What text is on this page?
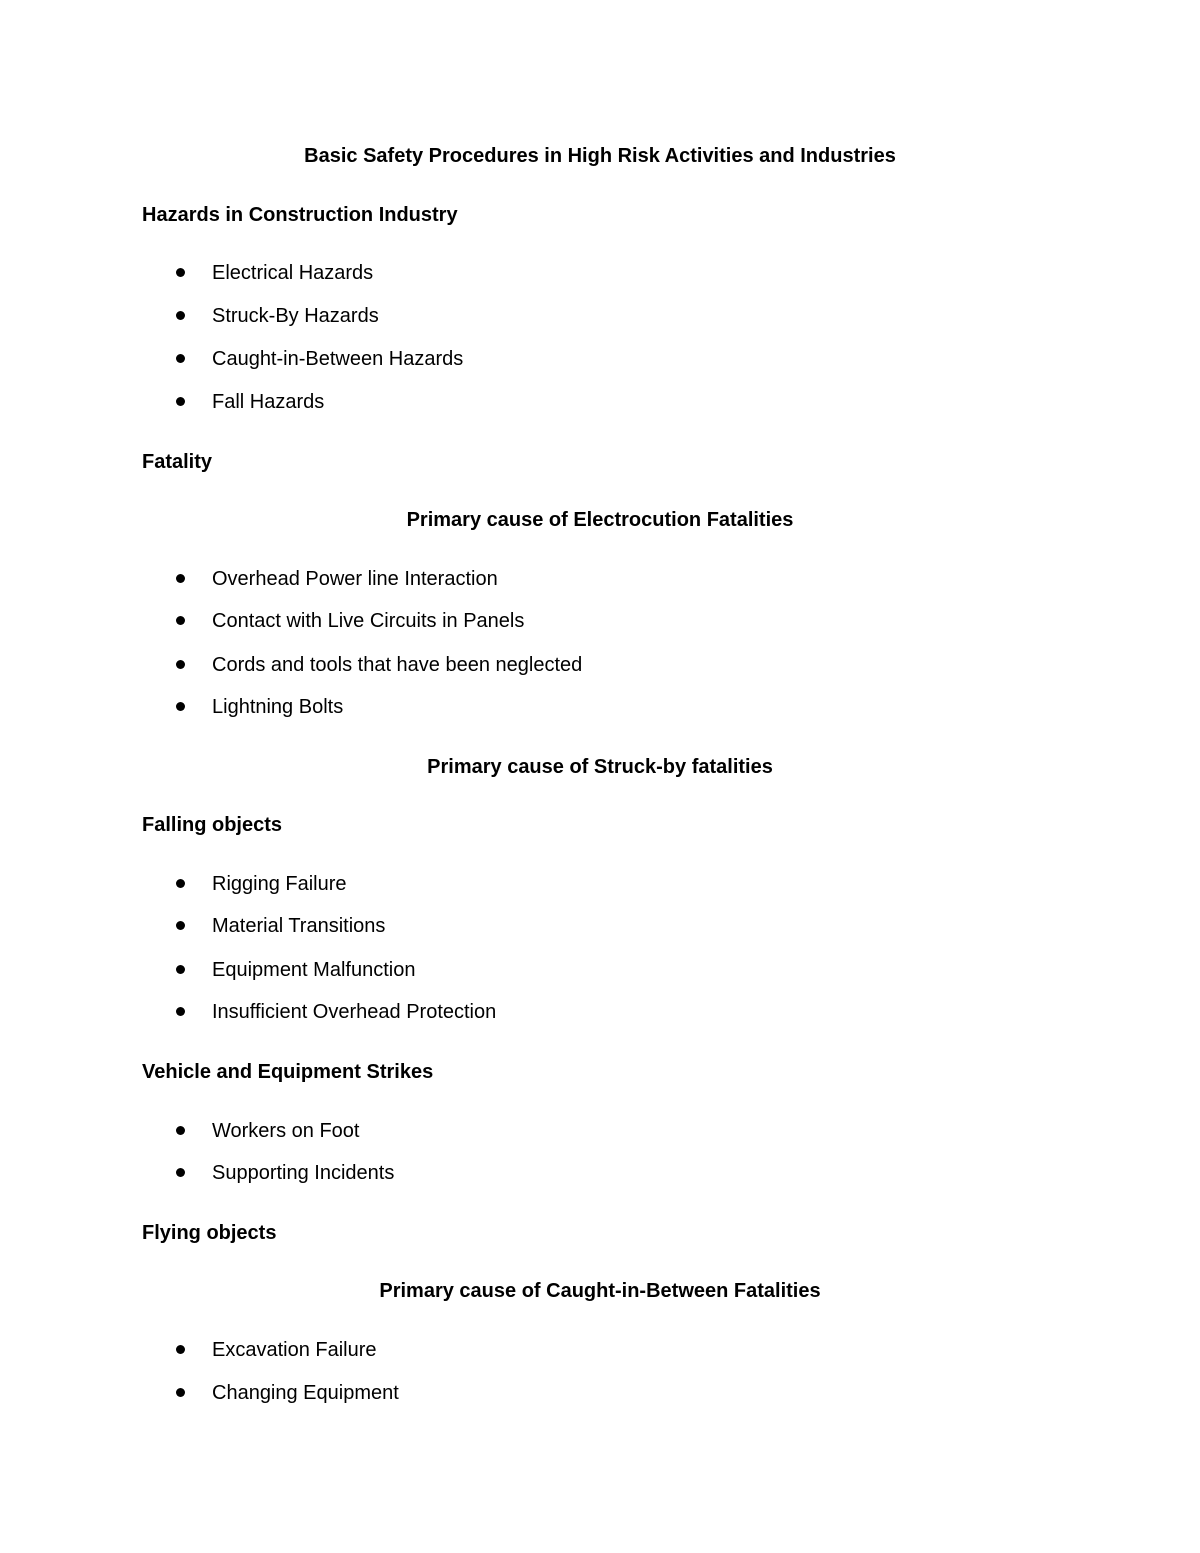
Basic Safety Procedures in High Risk Activities and Industries
Hazards in Construction Industry
Electrical Hazards
Struck-By Hazards
Caught-in-Between Hazards
Fall Hazards
Fatality
Primary cause of Electrocution Fatalities
Overhead Power line Interaction
Contact with Live Circuits in Panels
Cords and tools that have been neglected
Lightning Bolts
Primary cause of Struck-by fatalities
Falling objects
Rigging Failure
Material Transitions
Equipment Malfunction
Insufficient Overhead Protection
Vehicle and Equipment Strikes
Workers on Foot
Supporting Incidents
Flying objects
Primary cause of Caught-in-Between Fatalities
Excavation Failure
Changing Equipment
